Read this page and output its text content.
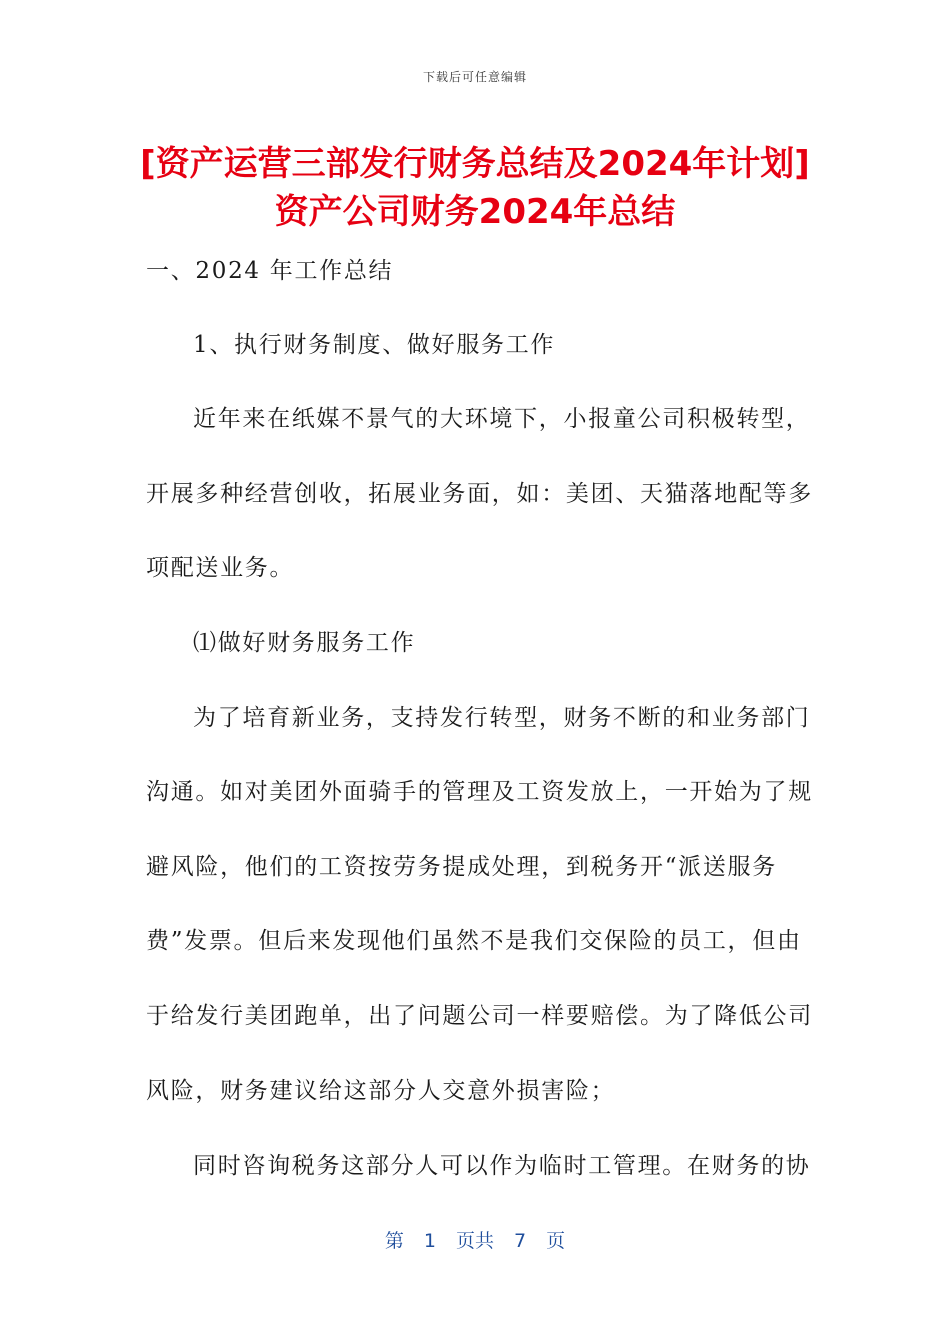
下载后可任意编辑
[资产运营三部发行财务总结及2024年计划]
资产公司财务2024年总结
一、2024 年工作总结
1、执行财务制度、做好服务工作
近年来在纸媒不景气的大环境下，小报童公司积极转型，
开展多种经营创收，拓展业务面，如：美团、天猫落地配等多
项配送业务。
⑴做好财务服务工作
为了培育新业务，支持发行转型，财务不断的和业务部门
沟通。如对美团外面骑手的管理及工资发放上，一开始为了规
避风险，他们的工资按劳务提成处理，到税务开“派送服务
费”发票。但后来发现他们虽然不是我们交保险的员工，但由
于给发行美团跑单，出了问题公司一样要赔偿。为了降低公司
风险，财务建议给这部分人交意外损害险；
同时咨询税务这部分人可以作为临时工管理。在财务的协
第 1 页共 7 页
